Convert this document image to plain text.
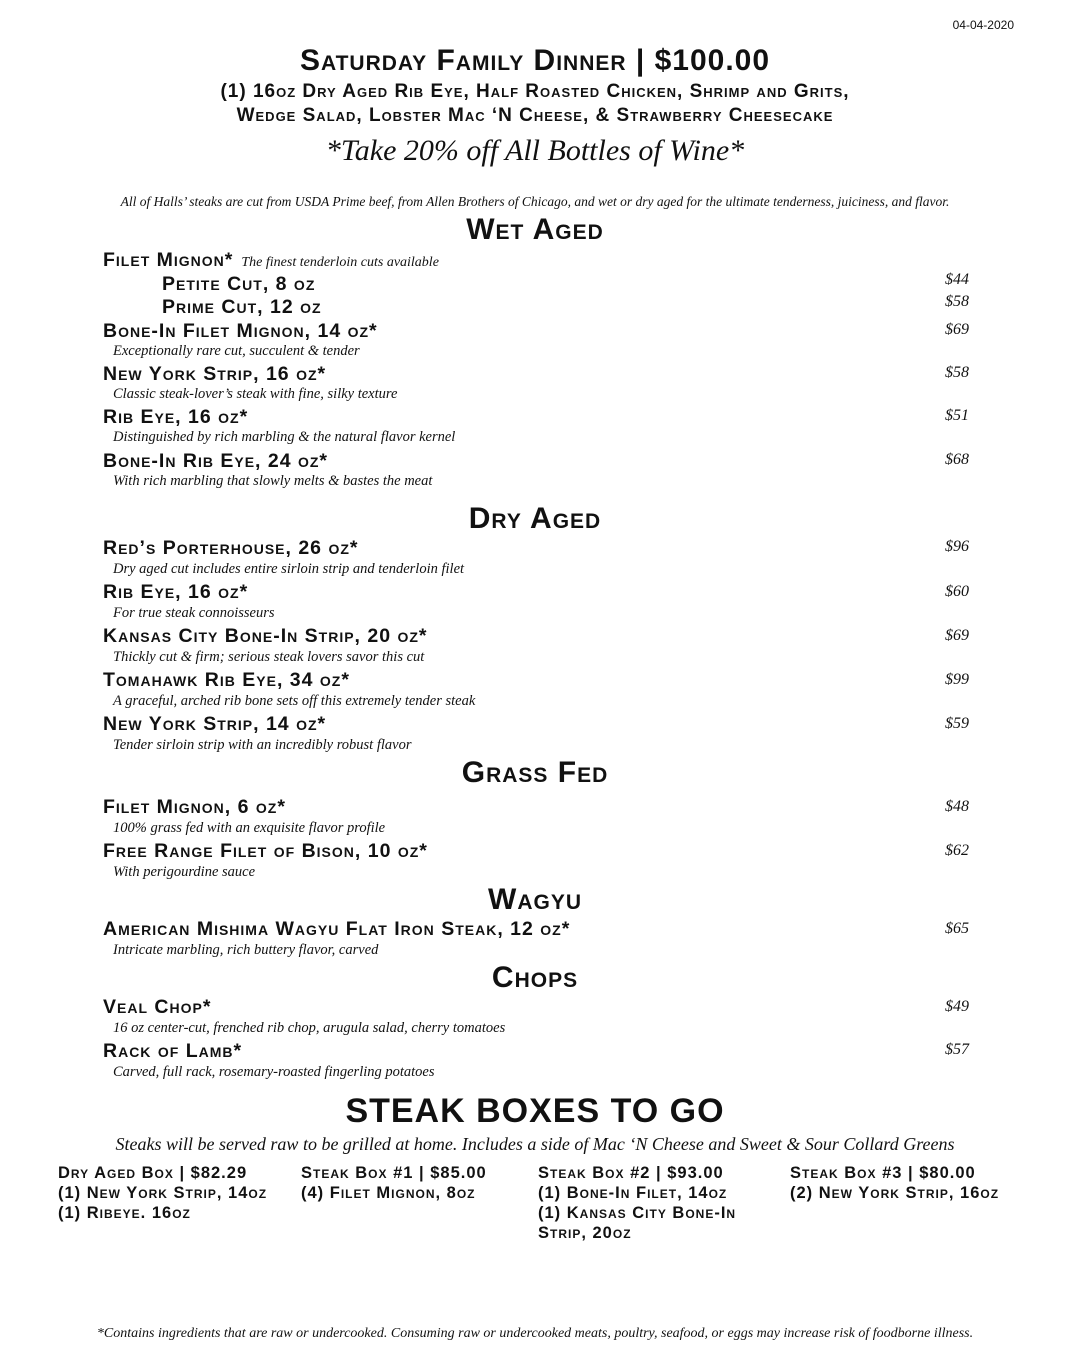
04-04-2020
Saturday Family Dinner | $100.00
(1) 16oz Dry Aged Rib Eye, Half Roasted Chicken, Shrimp and Grits,
Wedge Salad, Lobster Mac ‘N Cheese, & Strawberry Cheesecake
*Take 20% off All Bottles of Wine*
All of Halls’ steaks are cut from USDA Prime beef, from Allen Brothers of Chicago, and wet or dry aged for the ultimate tenderness, juiciness, and flavor.
Wet Aged
Filet Mignon* The finest tenderloin cuts available
Petite Cut, 8 oz	$44
Prime Cut, 12 oz	$58
Bone-In Filet Mignon, 14 oz*
Exceptionally rare cut, succulent & tender
$69
New York Strip, 16 oz*
Classic steak-lover’s steak with fine, silky texture
$58
Rib Eye, 16 oz*
Distinguished by rich marbling & the natural flavor kernel
$51
Bone-In Rib Eye, 24 oz*
With rich marbling that slowly melts & bastes the meat
$68
Dry Aged
Red’s Porterhouse, 26 oz*
Dry aged cut includes entire sirloin strip and tenderloin filet
$96
Rib Eye, 16 oz*
For true steak connoisseurs
$60
Kansas City Bone-In Strip, 20 oz*
Thickly cut & firm; serious steak lovers savor this cut
$69
Tomahawk Rib Eye, 34 oz*
A graceful, arched rib bone sets off this extremely tender steak
$99
New York Strip, 14 oz*
Tender sirloin strip with an incredibly robust flavor
$59
Grass Fed
Filet Mignon, 6 oz*
100% grass fed with an exquisite flavor profile
$48
Free Range Filet of Bison, 10 oz*
With perigourdine sauce
$62
Wagyu
American Mishima Wagyu Flat Iron Steak, 12 oz*
Intricate marbling, rich buttery flavor, carved
$65
Chops
Veal Chop*
16 oz center-cut, frenched rib chop, arugula salad, cherry tomatoes
$49
Rack of Lamb*
Carved, full rack, rosemary-roasted fingerling potatoes
$57
STEAK BOXES TO GO
Steaks will be served raw to be grilled at home. Includes a side of Mac ‘N Cheese and Sweet & Sour Collard Greens
Dry Aged Box | $82.29
(1) New York Strip, 14oz
(1) Ribeye. 16oz
Steak Box #1 | $85.00
(4) Filet Mignon, 8oz
Steak Box #2 | $93.00
(1) Bone-In Filet, 14oz
(1) Kansas City Bone-In
Strip, 20oz
Steak Box #3 | $80.00
(2) New York Strip, 16oz
*Contains ingredients that are raw or undercooked. Consuming raw or undercooked meats, poultry, seafood, or eggs may increase risk of foodborne illness.
